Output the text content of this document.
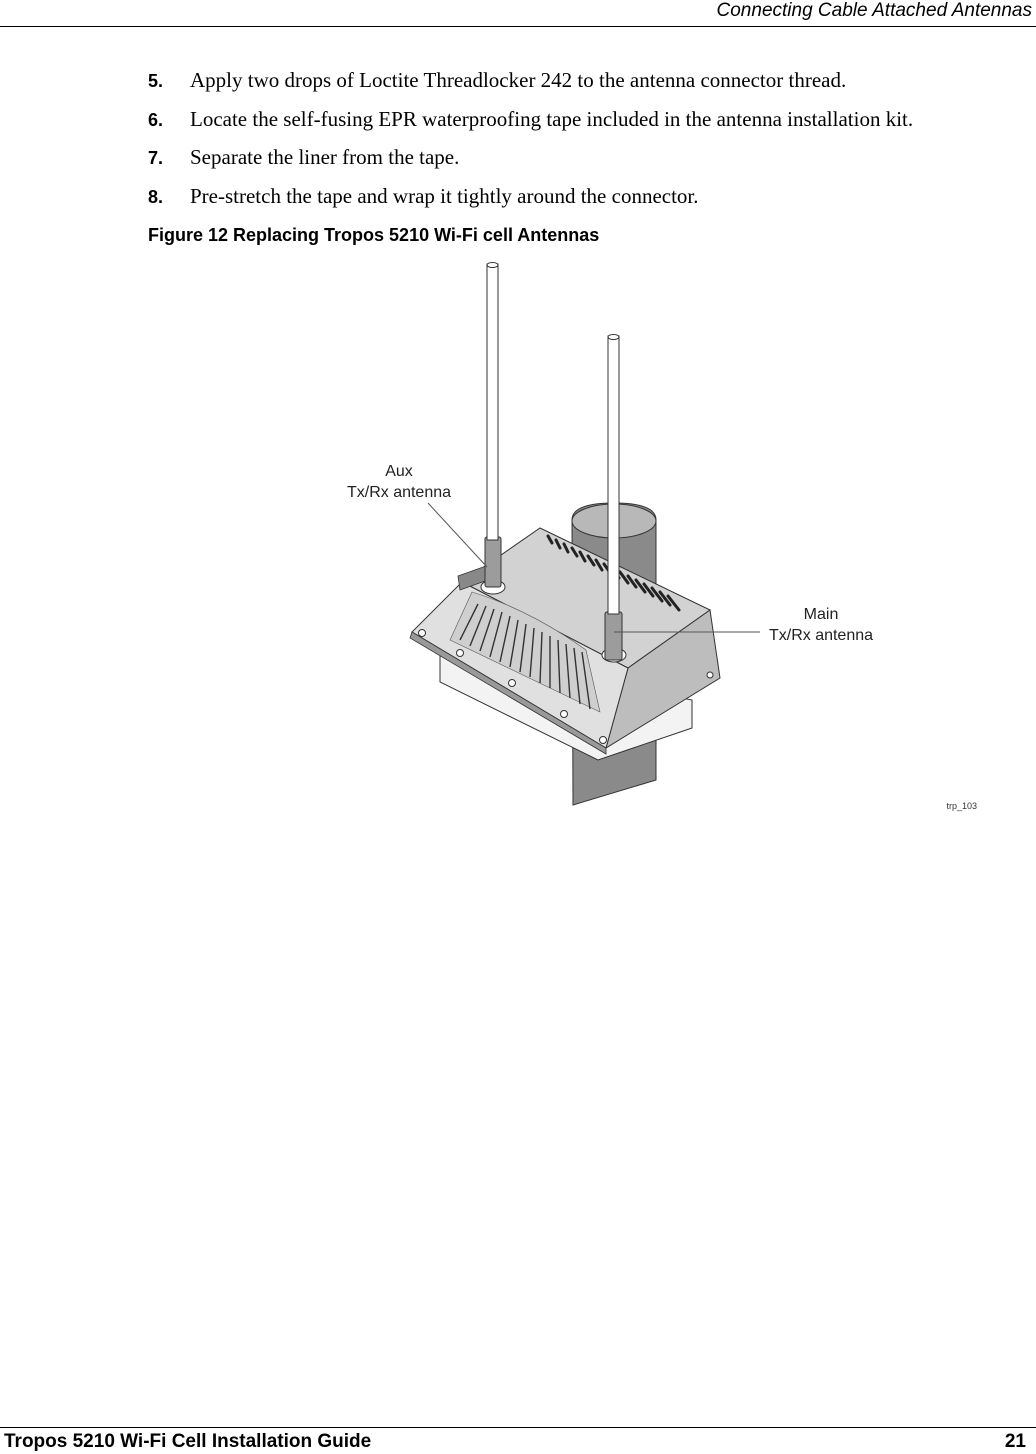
Connecting Cable Attached Antennas
5.	Apply two drops of Loctite Threadlocker 242 to the antenna connector thread.
6.	Locate the self-fusing EPR waterproofing tape included in the antenna installation kit.
7.	Separate the liner from the tape.
8.	Pre-stretch the tape and wrap it tightly around the connector.
Figure 12 Replacing Tropos 5210 Wi-Fi cell Antennas
Aux
Tx/Rx antenna
Main
Tx/Rx antenna
trp_103
Tropos 5210 Wi-Fi Cell Installation Guide	21
